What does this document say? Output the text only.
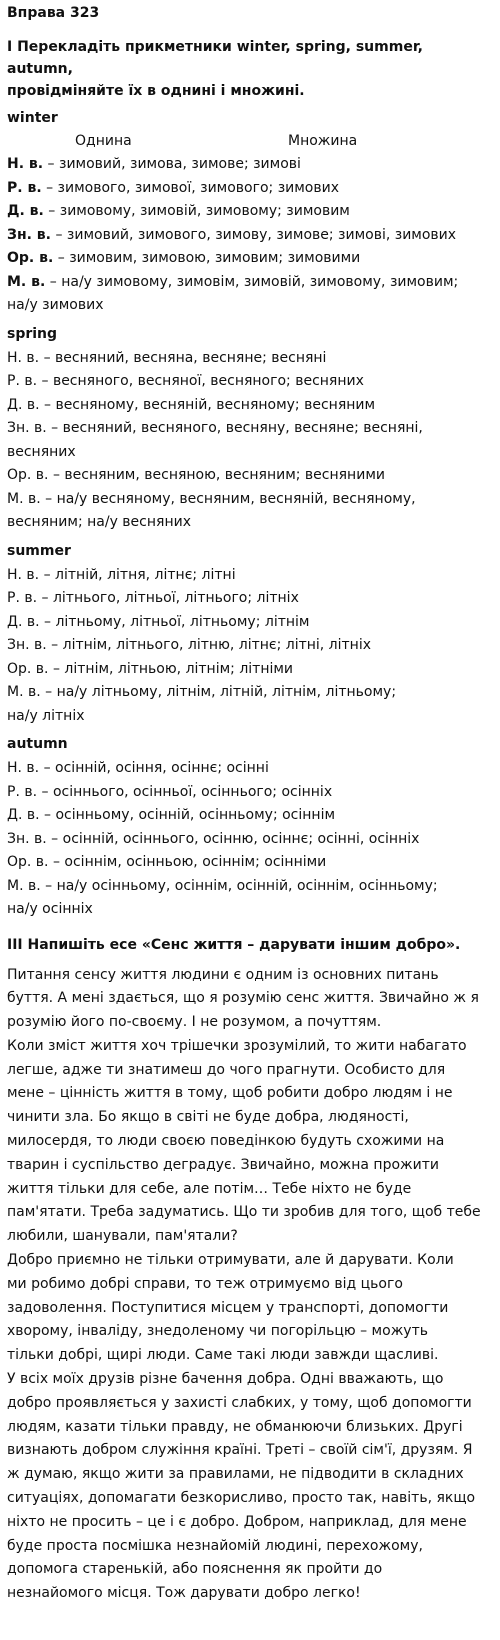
Вправа 323
I Перекладіть прикметники winter, spring, summer, autumn,
провідміняйте їх в однині і множині.
winter
Однина	Множина
Н. в. – зимовий, зимова, зимове; зимові
Р. в. – зимового, зимової, зимового; зимових
Д. в. – зимовому, зимовій, зимовому; зимовим
Зн. в. – зимовий, зимового, зимову, зимове; зимові, зимових
Ор. в. – зимовим, зимовою, зимовим; зимовими
М. в. – на/у зимовому, зимовім, зимовій, зимовому, зимовим;
на/у зимових
spring
Н. в. – весняний, весняна, весняне; весняні
Р. в. – весняного, весняної, весняного; весняних
Д. в. – весняному, весняній, весняному; весняним
Зн. в. – весняний, весняного, весняну, весняне; весняні,
весняних
Ор. в. – весняним, весняною, весняним; весняними
М. в. – на/у весняному, весняним, весняній, весняному,
весняним; на/у весняних
summer
Н. в. – літній, літня, літнє; літні
Р. в. – літнього, літньої, літнього; літніх
Д. в. – літньому, літньої, літньому; літнім
Зн. в. – літнім, літнього, літню, літнє; літні, літніх
Ор. в. – літнім, літньою, літнім; літніми
М. в. – на/у літньому, літнім, літній, літнім, літньому;
на/у літніх
autumn
Н. в. – осінній, осіння, осіннє; осінні
Р. в. – осіннього, осінньої, осіннього; осінніх
Д. в. – осінньому, осінній, осінньому; осіннім
Зн. в. – осінній, осіннього, осінню, осіннє; осінні, осінніх
Ор. в. – осіннім, осінньою, осіннім; осінніми
М. в. – на/у осінньому, осіннім, осінній, осіннім, осінньому;
на/у осінніх
III Напишіть есе «Сенс життя – дарувати іншим добро».
Питання сенсу життя людини є одним із основних питань
буття. А мені здається, що я розумію сенс життя. Звичайно ж я
розумію його по-своєму. І не розумом, а почуттям.
Коли зміст життя хоч трішечки зрозумілий, то жити набагато
легше, адже ти знатимеш до чого прагнути. Особисто для
мене – цінність життя в тому, щоб робити добро людям і не
чинити зла. Бо якщо в світі не буде добра, людяності,
милосердя, то люди своєю поведінкою будуть схожими на
тварин і суспільство деградує. Звичайно, можна прожити
життя тільки для себе, але потім… Тебе ніхто не буде
пам'ятати. Треба задуматись. Що ти зробив для того, щоб тебе
любили, шанували, пам'ятали?
Добро приємно не тільки отримувати, але й дарувати. Коли
ми робимо добрі справи, то теж отримуємо від цього
задоволення. Поступитися місцем у транспорті, допомогти
хворому, інваліду, знедоленому чи погорільцю – можуть
тільки добрі, щирі люди. Саме такі люди завжди щасливі.
У всіх моїх друзів різне бачення добра. Одні вважають, що
добро проявляється у захисті слабких, у тому, щоб допомогти
людям, казати тільки правду, не обманюючи близьких. Другі
визнають добром служіння країні. Треті – своїй сім'ї, друзям. Я
ж думаю, якщо жити за правилами, не підводити в складних
ситуаціях, допомагати безкорисливо, просто так, навіть, якщо
ніхто не просить – це і є добро. Добром, наприклад, для мене
буде проста посмішка незнайомій людині, перехожому,
допомога старенькій, або пояснення як пройти до
незнайомого місця. Тож дарувати добро легко!
